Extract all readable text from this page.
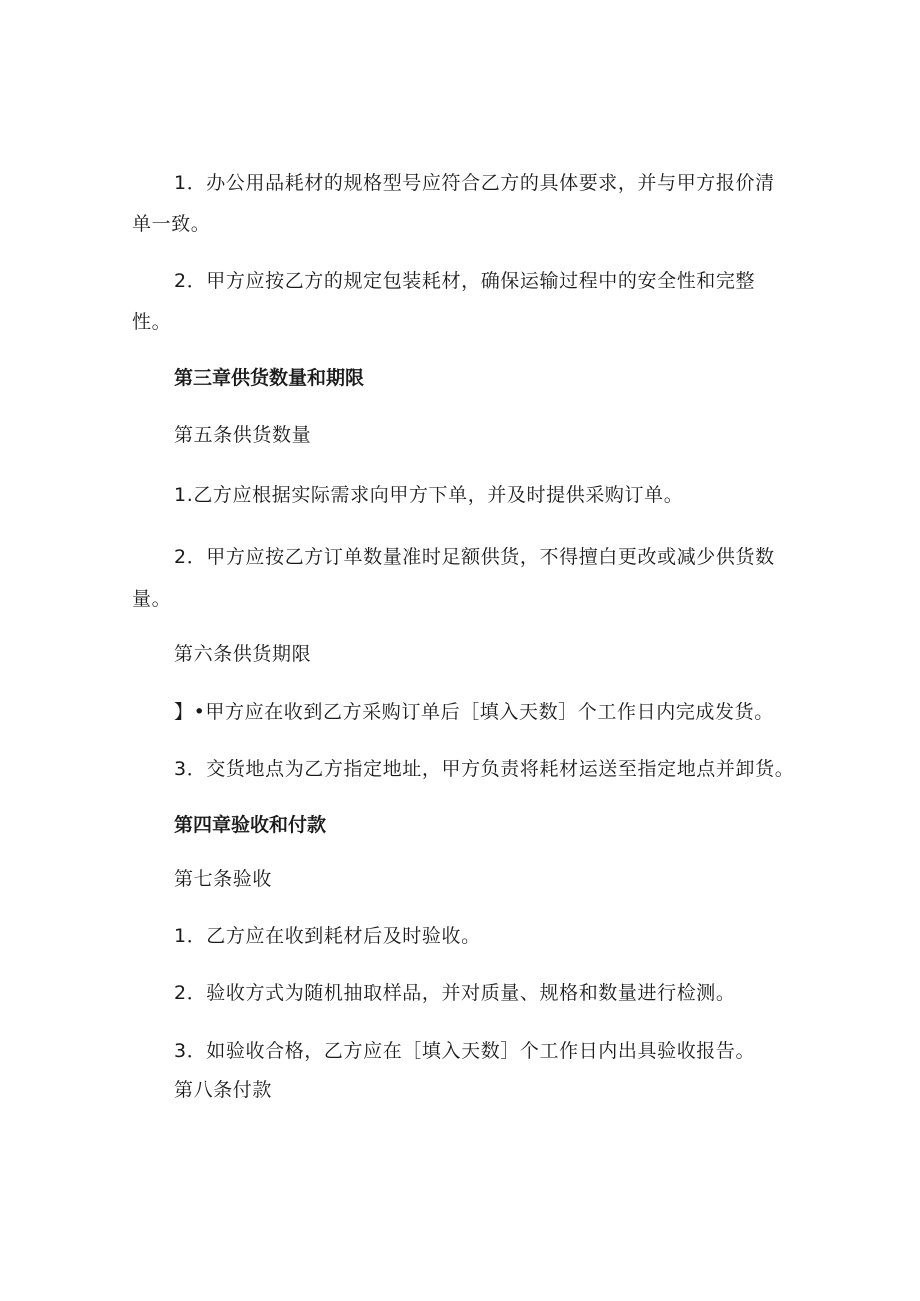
1．办公用品耗材的规格型号应符合乙方的具体要求，并与甲方报价清
单一致。
2．甲方应按乙方的规定包装耗材，确保运输过程中的安全性和完整
性。
第三章供货数量和期限
第五条供货数量
1.乙方应根据实际需求向甲方下单，并及时提供采购订单。
2．甲方应按乙方订单数量准时足额供货，不得擅白更改或减少供货数
量。
第六条供货期限
】•甲方应在收到乙方采购订单后［填入天数］个工作日内完成发货。
3．交货地点为乙方指定地址，甲方负责将耗材运送至指定地点并卸货。
第四章验收和付款
第七条验收
1．乙方应在收到耗材后及时验收。
2．验收方式为随机抽取样品，并对质量、规格和数量进行检测。
3．如验收合格，乙方应在［填入天数］个工作日内出具验收报告。
第八条付款
